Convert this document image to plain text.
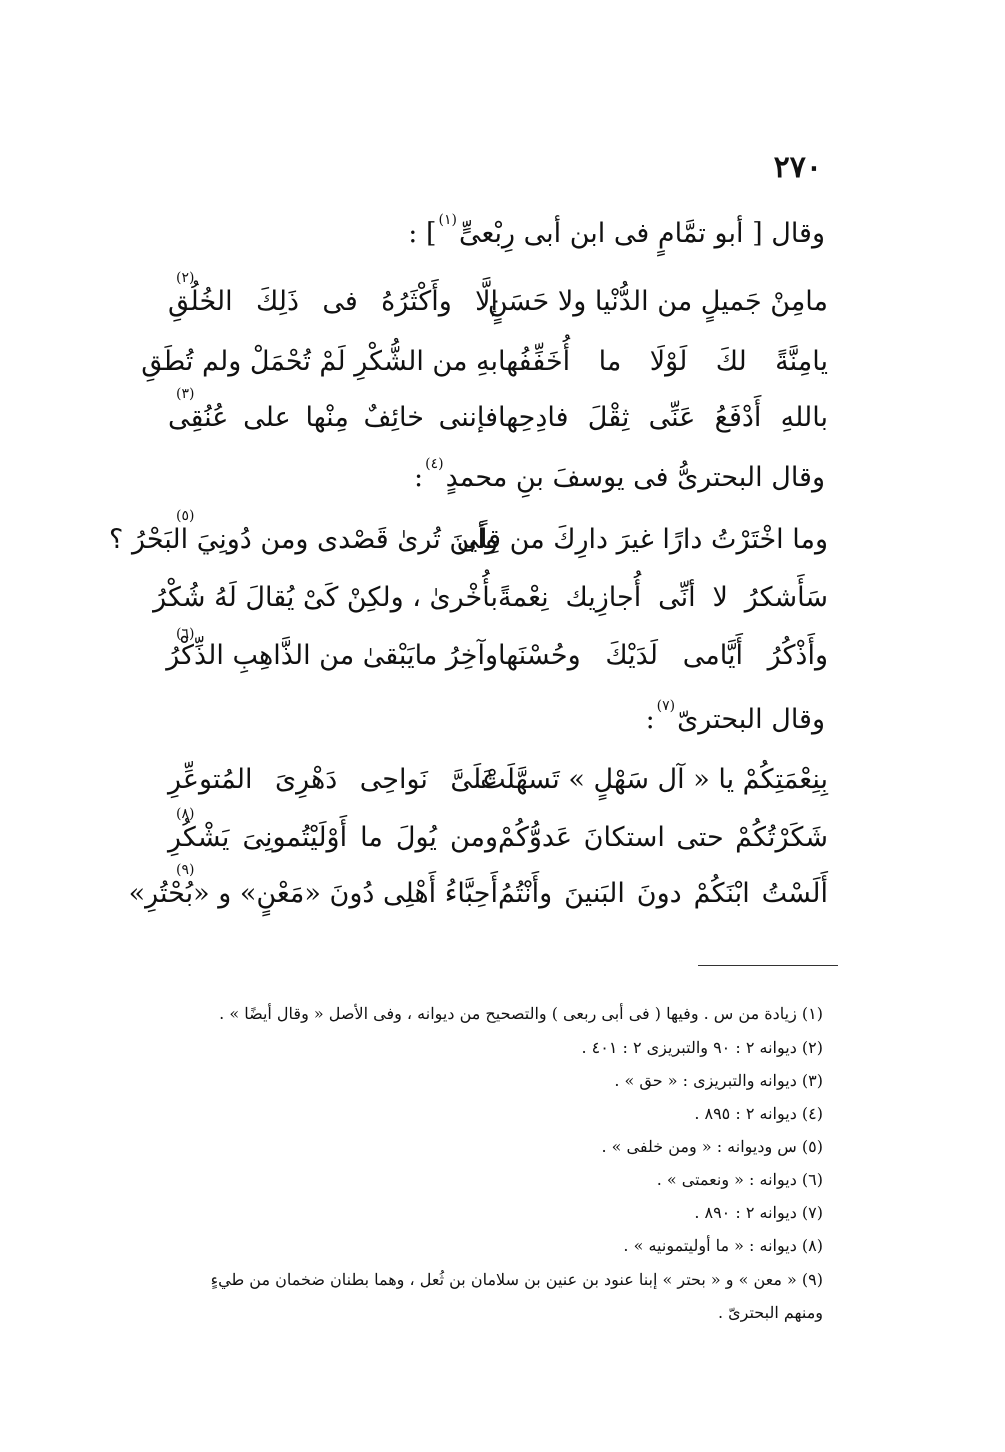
٢٧٠
وقال [ أبو تمَّامٍ فى ابن أبى رِبْعىٍّ$^{(١)}$] :
(٢)
مامِنْ جَميلٍ من الدُّنْيا ولا حَسَنٍ
إلَّا وأَكْثَرُهُ فى ذَلِكَ الخُلُقِ
يامِنَّةً لكَ لَوْلَا ما أُخَفِّفُها
بهِ من الشُّكْرِ لَمْ تُحْمَلْ ولم تُطَقِ
(٣)
باللهِ أَدْفَعُ عَنِّى ثِقْلَ فادِحِها
فإننى خائِفٌ مِنْها على عُنُقِى
وقال البحترىُّ فى يوسفَ بنِ محمدٍ$^{(٤)}$:
(٥)
وما اخْتَرْتُ دارًا غيرَ دارِكَ من قِلًى
وأينَ تُرىٰ قَصْدى ومن دُونِيَ البَحْرُ ؟
سَأَشكرُ لا أنِّى أُجازِيك نِعْمةً
بأُخْرىٰ ، ولكِنْ كَىْ يُقالَ لَهُ شُكْرُ
(٦)
وأَذْكُرُ أَيَّامى لَدَيْكَ وحُسْنَها
وآخِرُ مايَبْقىٰ من الذَّاهِبِ الذِّكْرُ
وقال البحترىّ$^{(٧)}$:
بِنِعْمَتِكُمْ يا « آل سَهْلٍ » تَسهَّلَتْ
عَلَىَّ نَواحِى دَهْرِىَ المُتوعِّرِ
(٨)
شَكَرْتُكُمْ حتى استكانَ عَدوُّكُمْ
ومن يُولَ ما أَوْلَيْتُمونِىَ يَشْكُرِ
(٩)
أَلَسْتُ ابْنَكُمْ دونَ البَنينَ وأَنْتُمُ
أَحِبَّاءُ أَهْلِى دُونَ «مَعْنٍ» و «بُحْتُرِ»
(١) زيادة من س . وفيها ( فى أبى ربعى ) والتصحيح من ديوانه ، وفى الأصل « وقال أيضًا » .
(٢) ديوانه ٢ : ٩٠ والتبريزى ٢ : ٤٠١ .
(٣) ديوانه والتبريزى : « حق » .
(٤) ديوانه ٢ : ٨٩٥ .
(٥) س وديوانه : « ومن خلفى » .
(٦) ديوانه : « ونعمتى » .
(٧) ديوانه ٢ : ٨٩٠ .
(٨) ديوانه : « ما أوليتمونيه » .
(٩) « معن » و « بحتر » إبنا عنود بن عنين بن سلامان بن ثُعل ، وهما بطنان ضخمان من طيءٍ
ومنهم البحترىّ .
